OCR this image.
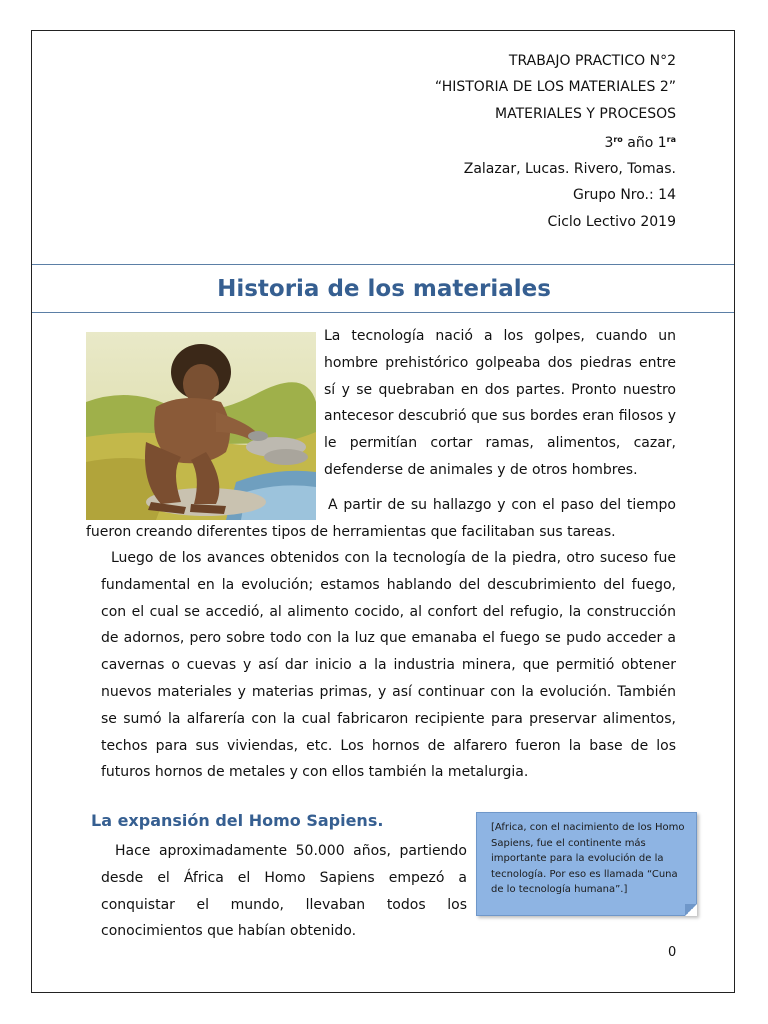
TRABAJO PRACTICO N°2
“HISTORIA DE LOS MATERIALES 2”
MATERIALES Y PROCESOS
$3^{ro}$ año $1^{ra}$
Zalazar, Lucas. Rivero, Tomas.
Grupo Nro.: 14
Ciclo Lectivo 2019
Historia de los materiales
La tecnología nació a los golpes, cuando un hombre prehistórico golpeaba dos piedras entre sí y se quebraban en dos partes. Pronto nuestro antecesor descubrió que sus bordes eran filosos y le permitían cortar ramas, alimentos, cazar, defenderse de animales y de otros hombres.
A partir de su hallazgo y con el paso del tiempo fueron creando diferentes tipos de herramientas que facilitaban sus tareas.
Luego de los avances obtenidos con la tecnología de la piedra, otro suceso fue fundamental en la evolución; estamos hablando del descubrimiento del fuego, con el cual se accedió, al alimento cocido, al confort del refugio, la construcción de adornos, pero sobre todo con la luz que emanaba el fuego se pudo acceder a cavernas o cuevas y así dar inicio a la industria minera, que permitió obtener nuevos materiales y materias primas, y así continuar con la evolución. También se sumó la alfarería con la cual fabricaron recipiente para preservar alimentos, techos para sus viviendas, etc. Los hornos de alfarero fueron la base de los futuros hornos de metales y con ellos también la metalurgia.
La expansión del Homo Sapiens.
Hace aproximadamente 50.000 años, partiendo desde el África el Homo Sapiens empezó a conquistar el mundo, llevaban todos los conocimientos que habían obtenido.
[Africa, con el nacimiento de los Homo Sapiens, fue el continente más importante para la evolución de la tecnología. Por eso es llamada “Cuna de lo tecnología humana”.]
0
